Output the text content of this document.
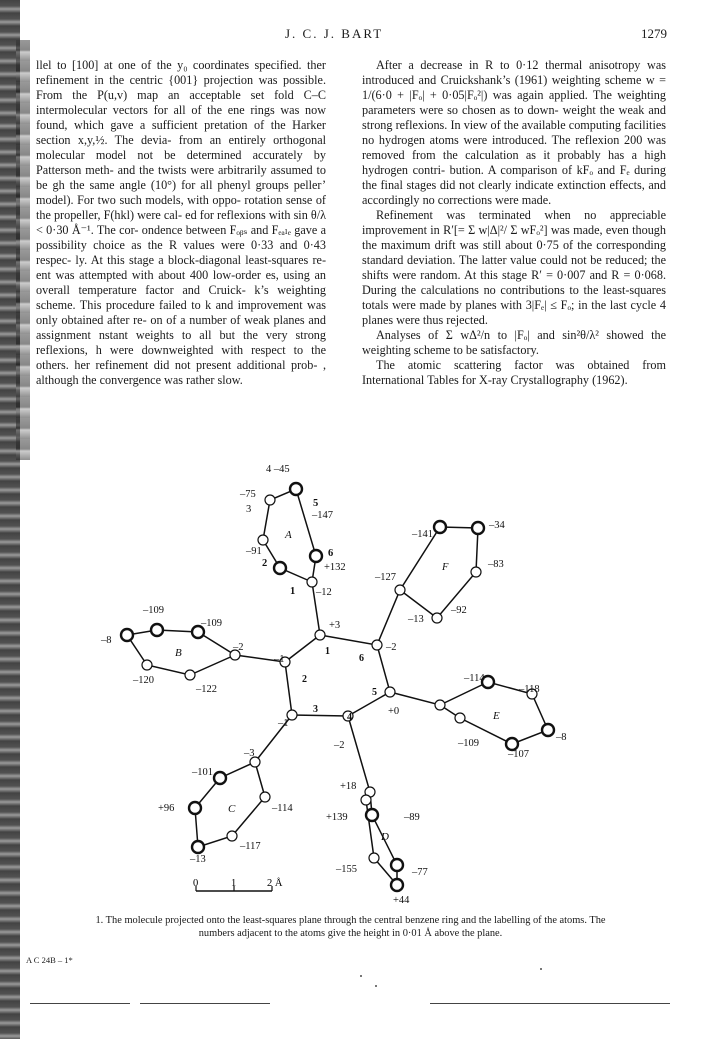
J. C. J. BART	1279

llel to [100] at one of the y₀ coordinates specified. ther refinement in the centric {001} projection was possible. From the P(u,v) map an acceptable set fold C–C intermolecular vectors for all of the ene rings was now found, which gave a sufficient pretation of the Harker section x,y,½. The devia- from an entirely orthogonal molecular model not be determined accurately by Patterson meth- and the twists were arbitrarily assumed to be gh the same angle (10°) for all phenyl groups peller’ model). For two such models, with oppo- rotation sense of the propeller, F(hkl) were cal- ed for reflexions with sin θ/λ < 0·30 Å⁻¹. The cor- ondence between Fₒᵦₛ and Fₑₐₗₑ gave a possibility choice as the R values were 0·33 and 0·43 respec- ly. At this stage a block-diagonal least-squares re- ent was attempted with about 400 low-order es, using an overall temperature factor and Cruick- k’s weighting scheme. This procedure failed to k and improvement was only obtained after re- on of a number of weak planes and assignment nstant weights to all but the very strong reflexions, h were downweighted with respect to the others. her refinement did not present additional prob- , although the convergence was rather slow.

After a decrease in R to 0·12 thermal anisotropy was introduced and Cruickshank’s (1961) weighting scheme w = 1/(6·0 + |Fₒ| + 0·05|Fₒ²|) was again applied. The weighting parameters were so chosen as to down- weight the weak and strong reflexions. In view of the available computing facilities no hydrogen atoms were introduced. The reflexion 200 was removed from the calculation as it probably has a high hydrogen contri- bution. A comparison of kFₒ and Fₑ during the final stages did not clearly indicate extinction effects, and accordingly no corrections were made.

Refinement was terminated when no appreciable improvement in R′[= Σ w|Δ|²/ Σ wFₒ²] was made, even though the maximum drift was still about 0·75 of the corresponding standard deviation. The latter value could not be reduced; the shifts were random. At this stage R′ = 0·007 and R = 0·068. During the calculations no contributions to the least-squares totals were made by planes with 3|Fₑ| ≤ Fₒ; in the last cycle 4 planes were thus rejected.

Analyses of Σ wΔ²/n to |Fₒ| and sin²θ/λ² showed the weighting scheme to be satisfactory.

The atomic scattering factor was obtained from International Tables for X-ray Crystallography (1962).

4 –45
–75
3
5
–147
–91
2
6
+132
1 –12
–141
–34
–83
–127
F
–13
–92
–109
–109
–8
–2
–120
–122
–1
+3
–2
–1
+0
–2
–114
–118
–8
–109
–107
–3
–101
+96	–114
–117
–13
+18
+139	–89
–155	–77
+44
A
B
C
D
E
1
2
3
4
5
6
0	1	2 Å
1. The molecule projected onto the least-squares plane through the central benzene ring and the labelling of the atoms. The
numbers adjacent to the atoms give the height in 0·01 Å above the plane.
A C 24B – 1*
